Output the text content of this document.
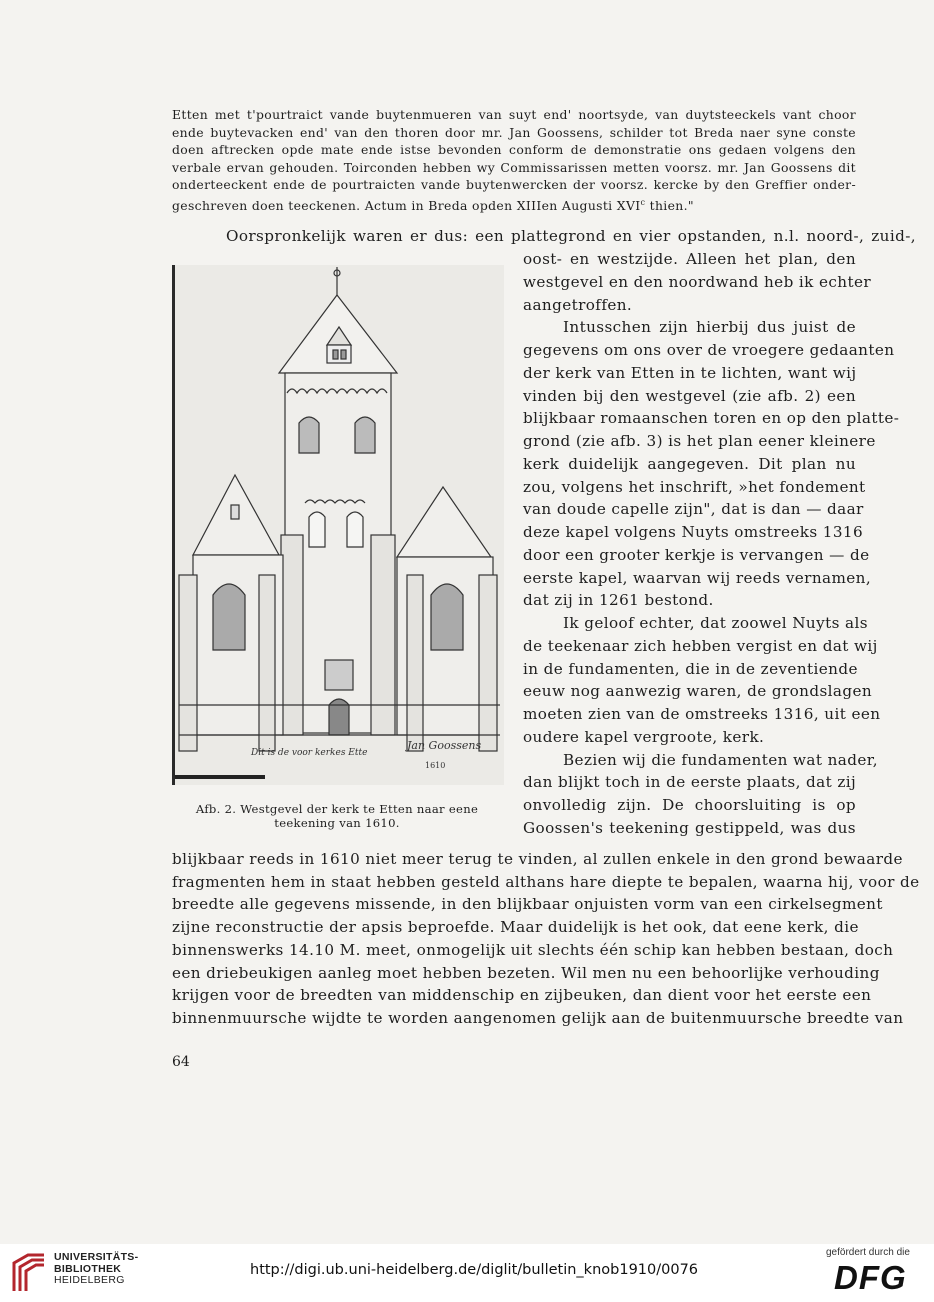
Etten met t'pourtraict vande buytenmueren van suyt end' noortsyde, van duytsteeckels vant choor

ende buytevacken end' van den thoren door mr. Jan Goossens, schilder tot Breda naer syne conste

doen aftrecken opde mate ende istse bevonden conform de demonstratie ons gedaen volgens den

verbale ervan gehouden. Toirconden hebben wy Commissarissen metten voorsz. mr. Jan Goossens dit

onderteeckent ende de pourtraicten vande buytenwercken der voorsz. kercke by den Greffier onder-

geschreven doen teeckenen. Actum in Breda opden XIIIen Augusti XVI$^c$ thien."

Oorspronkelijk waren er dus: een plattegrond en vier opstanden, n.l. noord-, zuid-,
oost- en westzijde. Alleen het plan, den
westgevel en den noordwand heb ik echter
aangetroffen.
Intusschen zijn hierbij dus juist de
gegevens om ons over de vroegere gedaanten
der kerk van Etten in te lichten, want wij
vinden bij den westgevel (zie afb. 2) een
blijkbaar romaanschen toren en op den platte-
grond (zie afb. 3) is het plan eener kleinere
kerk duidelijk aangegeven. Dit plan nu
zou, volgens het inschrift, »het fondement
van doude capelle zijn", dat is dan — daar
deze kapel volgens Nuyts omstreeks 1316
door een grooter kerkje is vervangen — de
eerste kapel, waarvan wij reeds vernamen,
dat zij in 1261 bestond.
Ik geloof echter, dat zoowel Nuyts als
de teekenaar zich hebben vergist en dat wij
in de fundamenten, die in de zeventiende
eeuw nog aanwezig waren, de grondslagen
moeten zien van de omstreeks 1316, uit een
oudere kapel vergroote, kerk.
Bezien wij die fundamenten wat nader,
dan blijkt toch in de eerste plaats, dat zij
onvolledig zijn. De choorsluiting is op
Goossen's teekening gestippeld, was dus
blijkbaar reeds in 1610 niet meer terug te vinden, al zullen enkele in den grond bewaarde
fragmenten hem in staat hebben gesteld althans hare diepte te bepalen, waarna hij, voor de
breedte alle gegevens missende, in den blijkbaar onjuisten vorm van een cirkelsegment
zijne reconstructie der apsis beproefde. Maar duidelijk is het ook, dat eene kerk, die
binnenswerks 14.10 M. meet, onmogelijk uit slechts één schip kan hebben bestaan, doch
een driebeukigen aanleg moet hebben bezeten. Wil men nu een behoorlijke verhouding
krijgen voor de breedten van middenschip en zijbeuken, dan dient voor het eerste een
binnenmuursche wijdte te worden aangenomen gelijk aan de buitenmuursche breedte van
Dit is de voor kerkes Ette
Jan Goossens
1610
Afb. 2. Westgevel der kerk te Etten naar eene
teekening van 1610.
64
UNIVERSITÄTS-
BIBLIOTHEK
HEIDELBERG
http://digi.ub.uni-heidelberg.de/diglit/bulletin_knob1910/0076
gefördert durch die
DFG
